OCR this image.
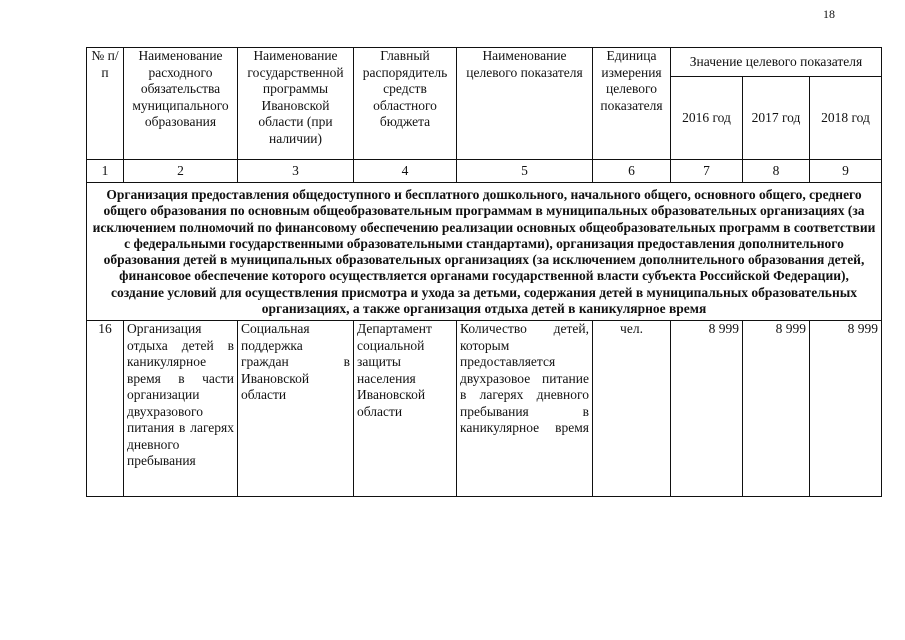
18
№ п/п	Наименование расходного обязательства муниципального образования	Наименование государственной программы Ивановской области (при наличии)	Главный распорядитель средств областного бюджета	Наименование целевого показателя	Единица измерения целевого показателя	Значение целевого показателя		
						2016 год	2017 год	2018 год
1	2	3	4	5	6	7	8	9
Организация предоставления общедоступного и бесплатного дошкольного, начального общего, основного общего, среднего общего образования по основным общеобразовательным программам в муниципальных образовательных организациях (за исключением полномочий по финансовому обеспечению реализации основных общеобразовательных программ в соответствии с федеральными государственными образовательными стандартами), организация предоставления дополнительного образования детей в муниципальных образовательных организациях (за исключением дополнительного образования детей, финансовое обеспечение которого осуществляется органами государственной власти субъекта Российской Федерации), создание условий для осуществления присмотра и ухода за детьми, содержания детей в муниципальных образовательных организациях, а также организация отдыха детей в каникулярное время								
16	Организация отдыха детей в каникулярное время в части организации двухразового питания в лагерях дневного пребывания	Социальная поддержка граждан в Ивановской области	Департамент социальной защиты населения Ивановской области	Количество детей, которым предоставляется двухразовое питание в лагерях дневного пребывания в каникулярное время	чел.	8 999	8 999	8 999
